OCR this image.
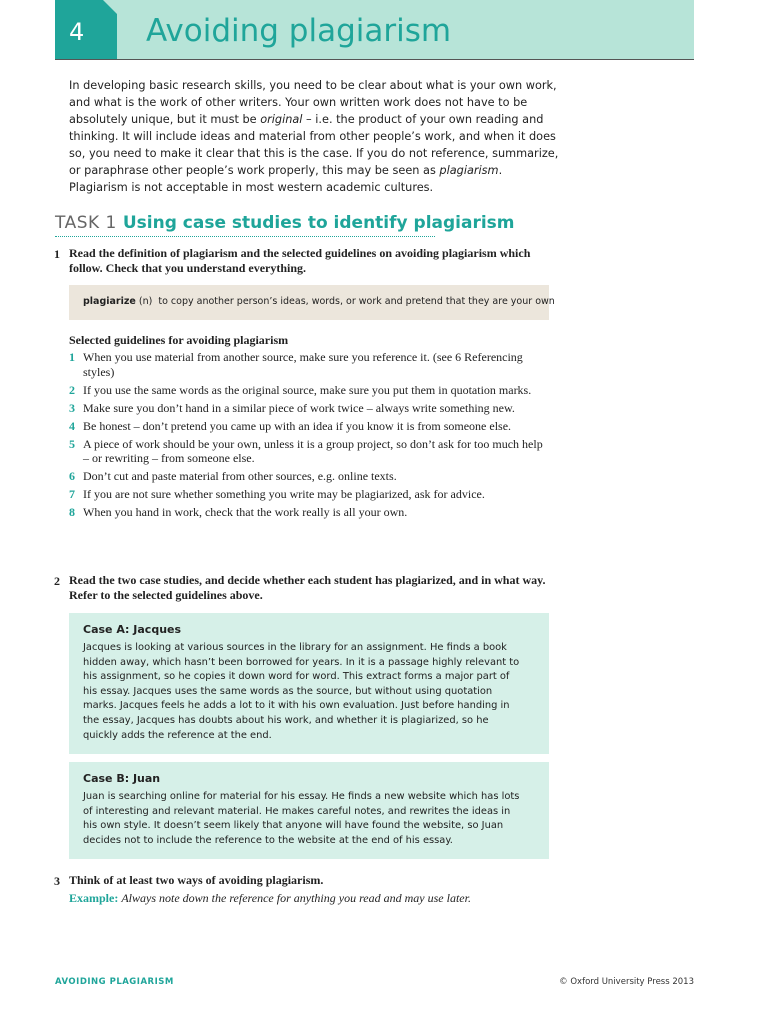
4 Avoiding plagiarism

In developing basic research skills, you need to be clear about what is your own work, and what is the work of other writers. Your own written work does not have to be absolutely unique, but it must be original – i.e. the product of your own reading and thinking. It will include ideas and material from other people’s work, and when it does so, you need to make it clear that this is the case. If you do not reference, summarize, or paraphrase other people’s work properly, this may be seen as plagiarism. Plagiarism is not acceptable in most western academic cultures.

TASK 1 Using case studies to identify plagiarism
1 Read the definition of plagiarism and the selected guidelines on avoiding plagiarism which follow. Check that you understand everything.

plagiarize (n) to copy another person’s ideas, words, or work and pretend that they are your own
Selected guidelines for avoiding plagiarism
1 When you use material from another source, make sure you reference it. (see 6 Referencing styles)
2 If you use the same words as the original source, make sure you put them in quotation marks.
3 Make sure you don’t hand in a similar piece of work twice – always write something new.
4 Be honest – don’t pretend you came up with an idea if you know it is from someone else.
5 A piece of work should be your own, unless it is a group project, so don’t ask for too much help – or rewriting – from someone else.
6 Don’t cut and paste material from other sources, e.g. online texts.
7 If you are not sure whether something you write may be plagiarized, ask for advice.
8 When you hand in work, check that the work really is all your own.
2 Read the two case studies, and decide whether each student has plagiarized, and in what way. Refer to the selected guidelines above.

Case A: Jacques

Jacques is looking at various sources in the library for an assignment. He finds a book hidden away, which hasn’t been borrowed for years. In it is a passage highly relevant to his assignment, so he copies it down word for word. This extract forms a major part of his essay. Jacques uses the same words as the source, but without using quotation marks. Jacques feels he adds a lot to it with his own evaluation. Just before handing in the essay, Jacques has doubts about his work, and whether it is plagiarized, so he quickly adds the reference at the end.

Case B: Juan

Juan is searching online for material for his essay. He finds a new website which has lots of interesting and relevant material. He makes careful notes, and rewrites the ideas in his own style. It doesn’t seem likely that anyone will have found the website, so Juan decides not to include the reference to the website at the end of his essay.

3 Think of at least two ways of avoiding plagiarism.

Example: Always note down the reference for anything you read and may use later.
AVOIDING PLAGIARISM	© Oxford University Press 2013
